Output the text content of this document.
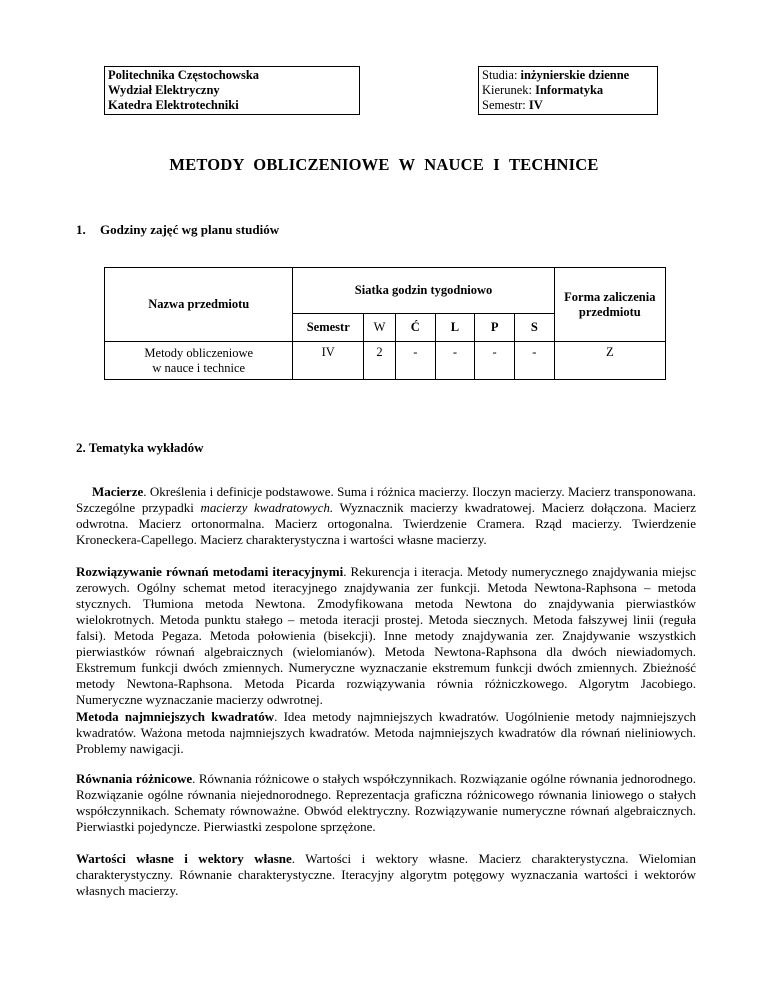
Politechnika Częstochowska
Wydział Elektryczny
Katedra Elektrotechniki
Studia: inżynierskie dzienne
Kierunek: Informatyka
Semestr: IV
METODY OBLICZENIOWE W NAUCE I TECHNICE
1. Godziny zajęć wg planu studiów
Nazwa przedmiotu	Siatka godzin tygodniowo						Forma zaliczenia przedmiotu
	Semestr	W	Ć	L	P	S	

Metody obliczeniowe
w nauce i technice	IV	2	-	-	-	-	Z
2. Tematyka wykładów
Macierze. Określenia i definicje podstawowe. Suma i różnica macierzy. Iloczyn macierzy. Macierz transponowana. Szczególne przypadki macierzy kwadratowych. Wyznacznik macierzy kwadratowej. Macierz dołączona. Macierz odwrotna. Macierz ortonormalna. Macierz ortogonalna. Twierdzenie Cramera. Rząd macierzy. Twierdzenie Kroneckera-Capellego. Macierz charakterystyczna i wartości własne macierzy.
Rozwiązywanie równań metodami iteracyjnymi. Rekurencja i iteracja. Metody numerycznego znajdywania miejsc zerowych. Ogólny schemat metod iteracyjnego znajdywania zer funkcji. Metoda Newtona-Raphsona – metoda stycznych. Tłumiona metoda Newtona. Zmodyfikowana metoda Newtona do znajdywania pierwiastków wielokrotnych. Metoda punktu stałego – metoda iteracji prostej. Metoda siecznych. Metoda fałszywej linii (reguła falsi). Metoda Pegaza. Metoda połowienia (bisekcji). Inne metody znajdywania zer. Znajdywanie wszystkich pierwiastków równań algebraicznych (wielomianów). Metoda Newtona-Raphsona dla dwóch niewiadomych. Ekstremum funkcji dwóch zmiennych. Numeryczne wyznaczanie ekstremum funkcji dwóch zmiennych. Zbieżność metody Newtona-Raphsona. Metoda Picarda rozwiązywania równia różniczkowego. Algorytm Jacobiego. Numeryczne wyznaczanie macierzy odwrotnej.
Metoda najmniejszych kwadratów. Idea metody najmniejszych kwadratów. Uogólnienie metody najmniejszych kwadratów. Ważona metoda najmniejszych kwadratów. Metoda najmniejszych kwadratów dla równań nieliniowych. Problemy nawigacji.
Równania różnicowe. Równania różnicowe o stałych współczynnikach. Rozwiązanie ogólne równania jednorodnego. Rozwiązanie ogólne równania niejednorodnego. Reprezentacja graficzna różnicowego równania liniowego o stałych współczynnikach. Schematy równoważne. Obwód elektryczny. Rozwiązywanie numeryczne równań algebraicznych. Pierwiastki pojedyncze. Pierwiastki zespolone sprzężone.
Wartości własne i wektory własne. Wartości i wektory własne. Macierz charakterystyczna. Wielomian charakterystyczny. Równanie charakterystyczne. Iteracyjny algorytm potęgowy wyznaczania wartości i wektorów własnych macierzy.
